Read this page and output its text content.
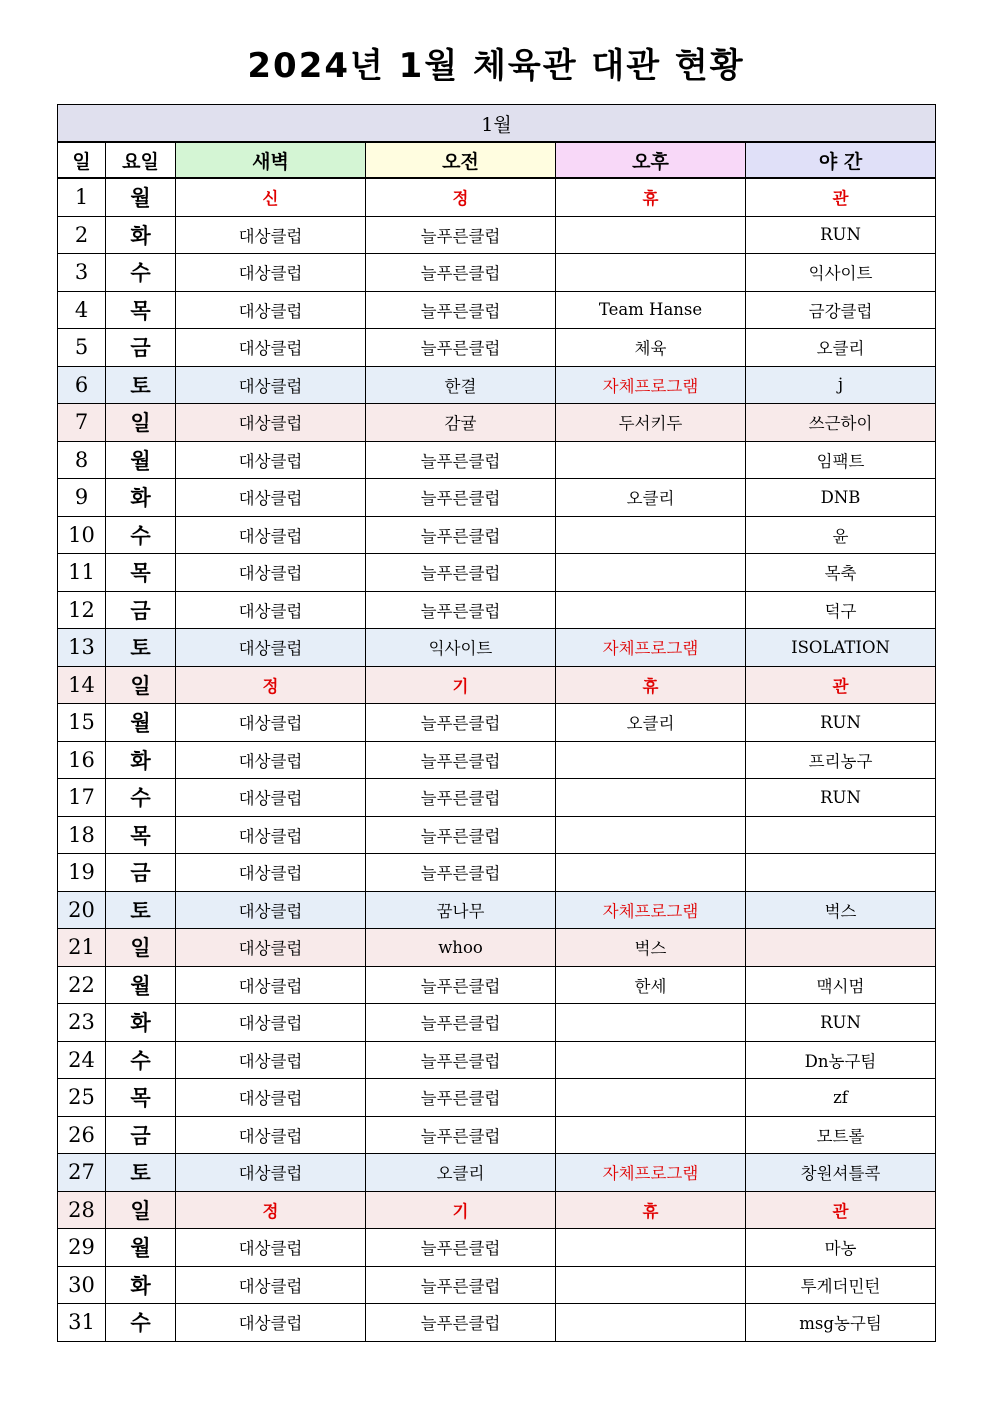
2024년 1월 체육관 대관 현황
1월					
일	요일	새벽	오전	오후	야 간
1	월	신	정	휴	관
2	화	대상클럽	늘푸른클럽		RUN
3	수	대상클럽	늘푸른클럽		익사이트
4	목	대상클럽	늘푸른클럽	Team Hanse	금강클럽
5	금	대상클럽	늘푸른클럽	체육	오클리
6	토	대상클럽	한결	자체프로그램	j
7	일	대상클럽	감귤	두서키두	쓰근하이
8	월	대상클럽	늘푸른클럽		임팩트
9	화	대상클럽	늘푸른클럽	오클리	DNB
10	수	대상클럽	늘푸른클럽		윤
11	목	대상클럽	늘푸른클럽		목축
12	금	대상클럽	늘푸른클럽		덕구
13	토	대상클럽	익사이트	자체프로그램	ISOLATION
14	일	정	기	휴	관
15	월	대상클럽	늘푸른클럽	오클리	RUN
16	화	대상클럽	늘푸른클럽		프리농구
17	수	대상클럽	늘푸른클럽		RUN
18	목	대상클럽	늘푸른클럽		
19	금	대상클럽	늘푸른클럽		
20	토	대상클럽	꿈나무	자체프로그램	벅스
21	일	대상클럽	whoo	벅스	
22	월	대상클럽	늘푸른클럽	한세	맥시멈
23	화	대상클럽	늘푸른클럽		RUN
24	수	대상클럽	늘푸른클럽		Dn농구팀
25	목	대상클럽	늘푸른클럽		zf
26	금	대상클럽	늘푸른클럽		모트롤
27	토	대상클럽	오클리	자체프로그램	창원셔틀콕
28	일	정	기	휴	관
29	월	대상클럽	늘푸른클럽		마농
30	화	대상클럽	늘푸른클럽		투게더민턴
31	수	대상클럽	늘푸른클럽		msg농구팀
